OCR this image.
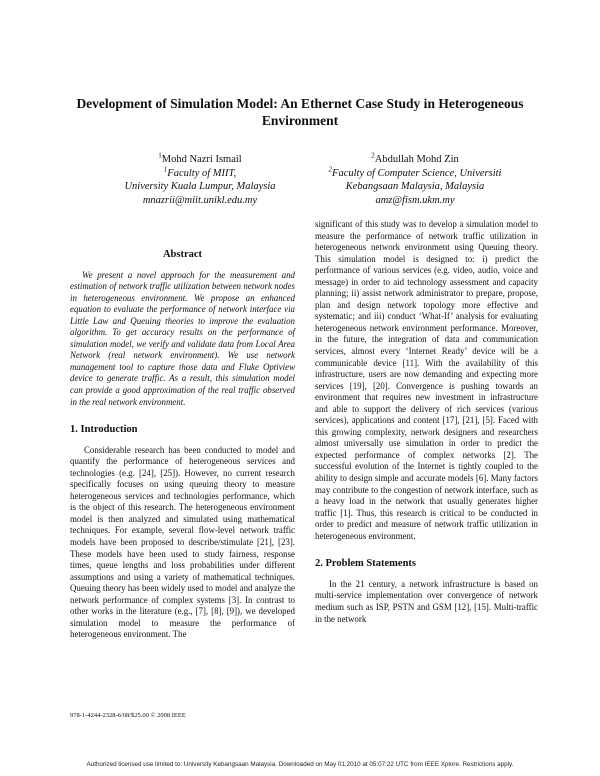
Development of Simulation Model: An Ethernet Case Study in Heterogeneous Environment
$^1$Mohd Nazri Ismail
$^1$Faculty of MIIT,
University Kuala Lumpur, Malaysia
mnazrii@miit.unikl.edu.my
$^2$Abdullah Mohd Zin
$^2$Faculty of Computer Science, Universiti
Kebangsaan Malaysia, Malaysia
amz@fism.ukm.my
Abstract

We present a novel approach for the measurement and estimation of network traffic utilization between network nodes in heterogeneous environment. We propose an enhanced equation to evaluate the performance of network interface via Little Law and Queuing theories to improve the evaluation algorithm. To get accuracy results on the performance of simulation model, we verify and validate data from Local Area Network (real network environment). We use network management tool to capture those data and Fluke Optiview device to generate traffic. As a result, this simulation model can provide a good approximation of the real traffic observed in the real network environment.

1. Introduction

Considerable research has been conducted to model and quantify the performance of heterogeneous services and technologies (e.g. [24], [25]). However, no current research specifically focuses on using queuing theory to measure heterogeneous services and technologies performance, which is the object of this research. The heterogeneous environment model is then analyzed and simulated using mathematical techniques. For example, several flow-level network traffic models have been proposed to describe/stimulate [21], [23]. These models have been used to study fairness, response times, queue lengths and loss probabilities under different assumptions and using a variety of mathematical techniques. Queuing theory has been widely used to model and analyze the network performance of complex systems [3]. In contrast to other works in the literature (e.g., [7], [8], [9]), we developed simulation model to measure the performance of heterogeneous environment. The

significant of this study was to develop a simulation model to measure the performance of network traffic utilization in heterogeneous network environment using Queuing theory. This simulation model is designed to: i) predict the performance of various services (e.g. video, audio, voice and message) in order to aid technology assessment and capacity planning; ii) assist network administrator to prepare, propose, plan and design network topology more effective and systematic; and iii) conduct ‘What-If’ analysis for evaluating heterogeneous network environment performance. Moreover, in the future, the integration of data and communication services, almost every ‘Internet Ready’ device will be a communicable device [11]. With the availability of this infrastructure, users are now demanding and expecting more services [19], [20]. Convergence is pushing towards an environment that requires new investment in infrastructure and able to support the delivery of rich services (various services), applications and content [17], [21], [5]. Faced with this growing complexity, network designers and researchers almost universally use simulation in order to predict the expected performance of complex networks [2]. The successful evolution of the Internet is tightly coupled to the ability to design simple and accurate models [6]. Many factors may contribute to the congestion of network interface, such as a heavy load in the network that usually generates higher traffic [1]. Thus, this research is critical to be conducted in order to predict and measure of network traffic utilization in heterogeneous environment.

2. Problem Statements

In the 21 century, a network infrastructure is based on multi-service implementation over convergence of network medium such as ISP, PSTN and GSM [12], [15]. Multi-traffic in the network

978-1-4244-2328-6/08/$25.00 © 2008 IEEE
Authorized licensed use limited to: University Kebangsaan Malaysia. Downloaded on May 01,2010 at 05:07:22 UTC from IEEE Xplore. Restrictions apply.
